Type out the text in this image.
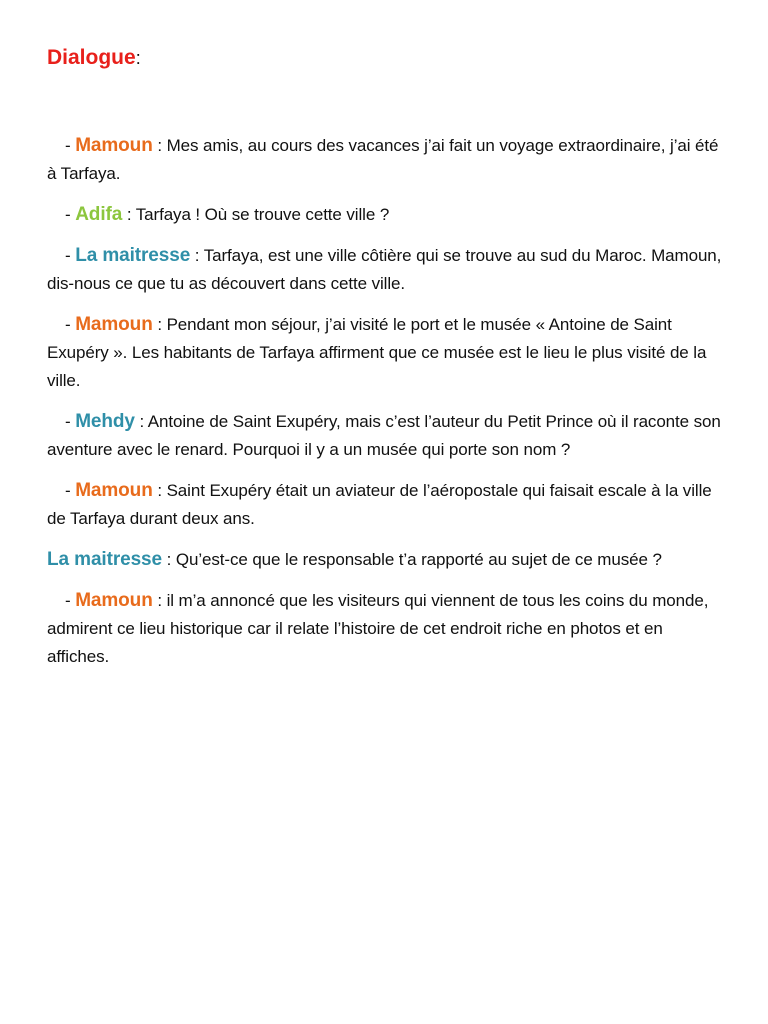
Dialogue:

- Mamoun : Mes amis, au cours des vacances j’ai fait un voyage extraordinaire, j’ai été à Tarfaya.

- Adifa : Tarfaya ! Où se trouve cette ville ?

- La maitresse : Tarfaya, est une ville côtière qui se trouve au sud du Maroc. Mamoun, dis-nous ce que tu as découvert dans cette ville.

- Mamoun : Pendant mon séjour, j’ai visité le port et le musée « Antoine de Saint Exupéry ». Les habitants de Tarfaya affirment que ce musée est le lieu le plus visité de la ville.

- Mehdy : Antoine de Saint Exupéry, mais c’est l’auteur du Petit Prince où il raconte son aventure avec le renard. Pourquoi il y a un musée qui porte son nom ?

- Mamoun : Saint Exupéry était un aviateur de l’aéropostale qui faisait escale à la ville de Tarfaya durant deux ans.

La maitresse : Qu’est-ce que le responsable t’a rapporté au sujet de ce musée ?

- Mamoun : il m’a annoncé que les visiteurs qui viennent de tous les coins du monde, admirent ce lieu historique car il relate l’histoire de cet endroit riche en photos et en affiches.
